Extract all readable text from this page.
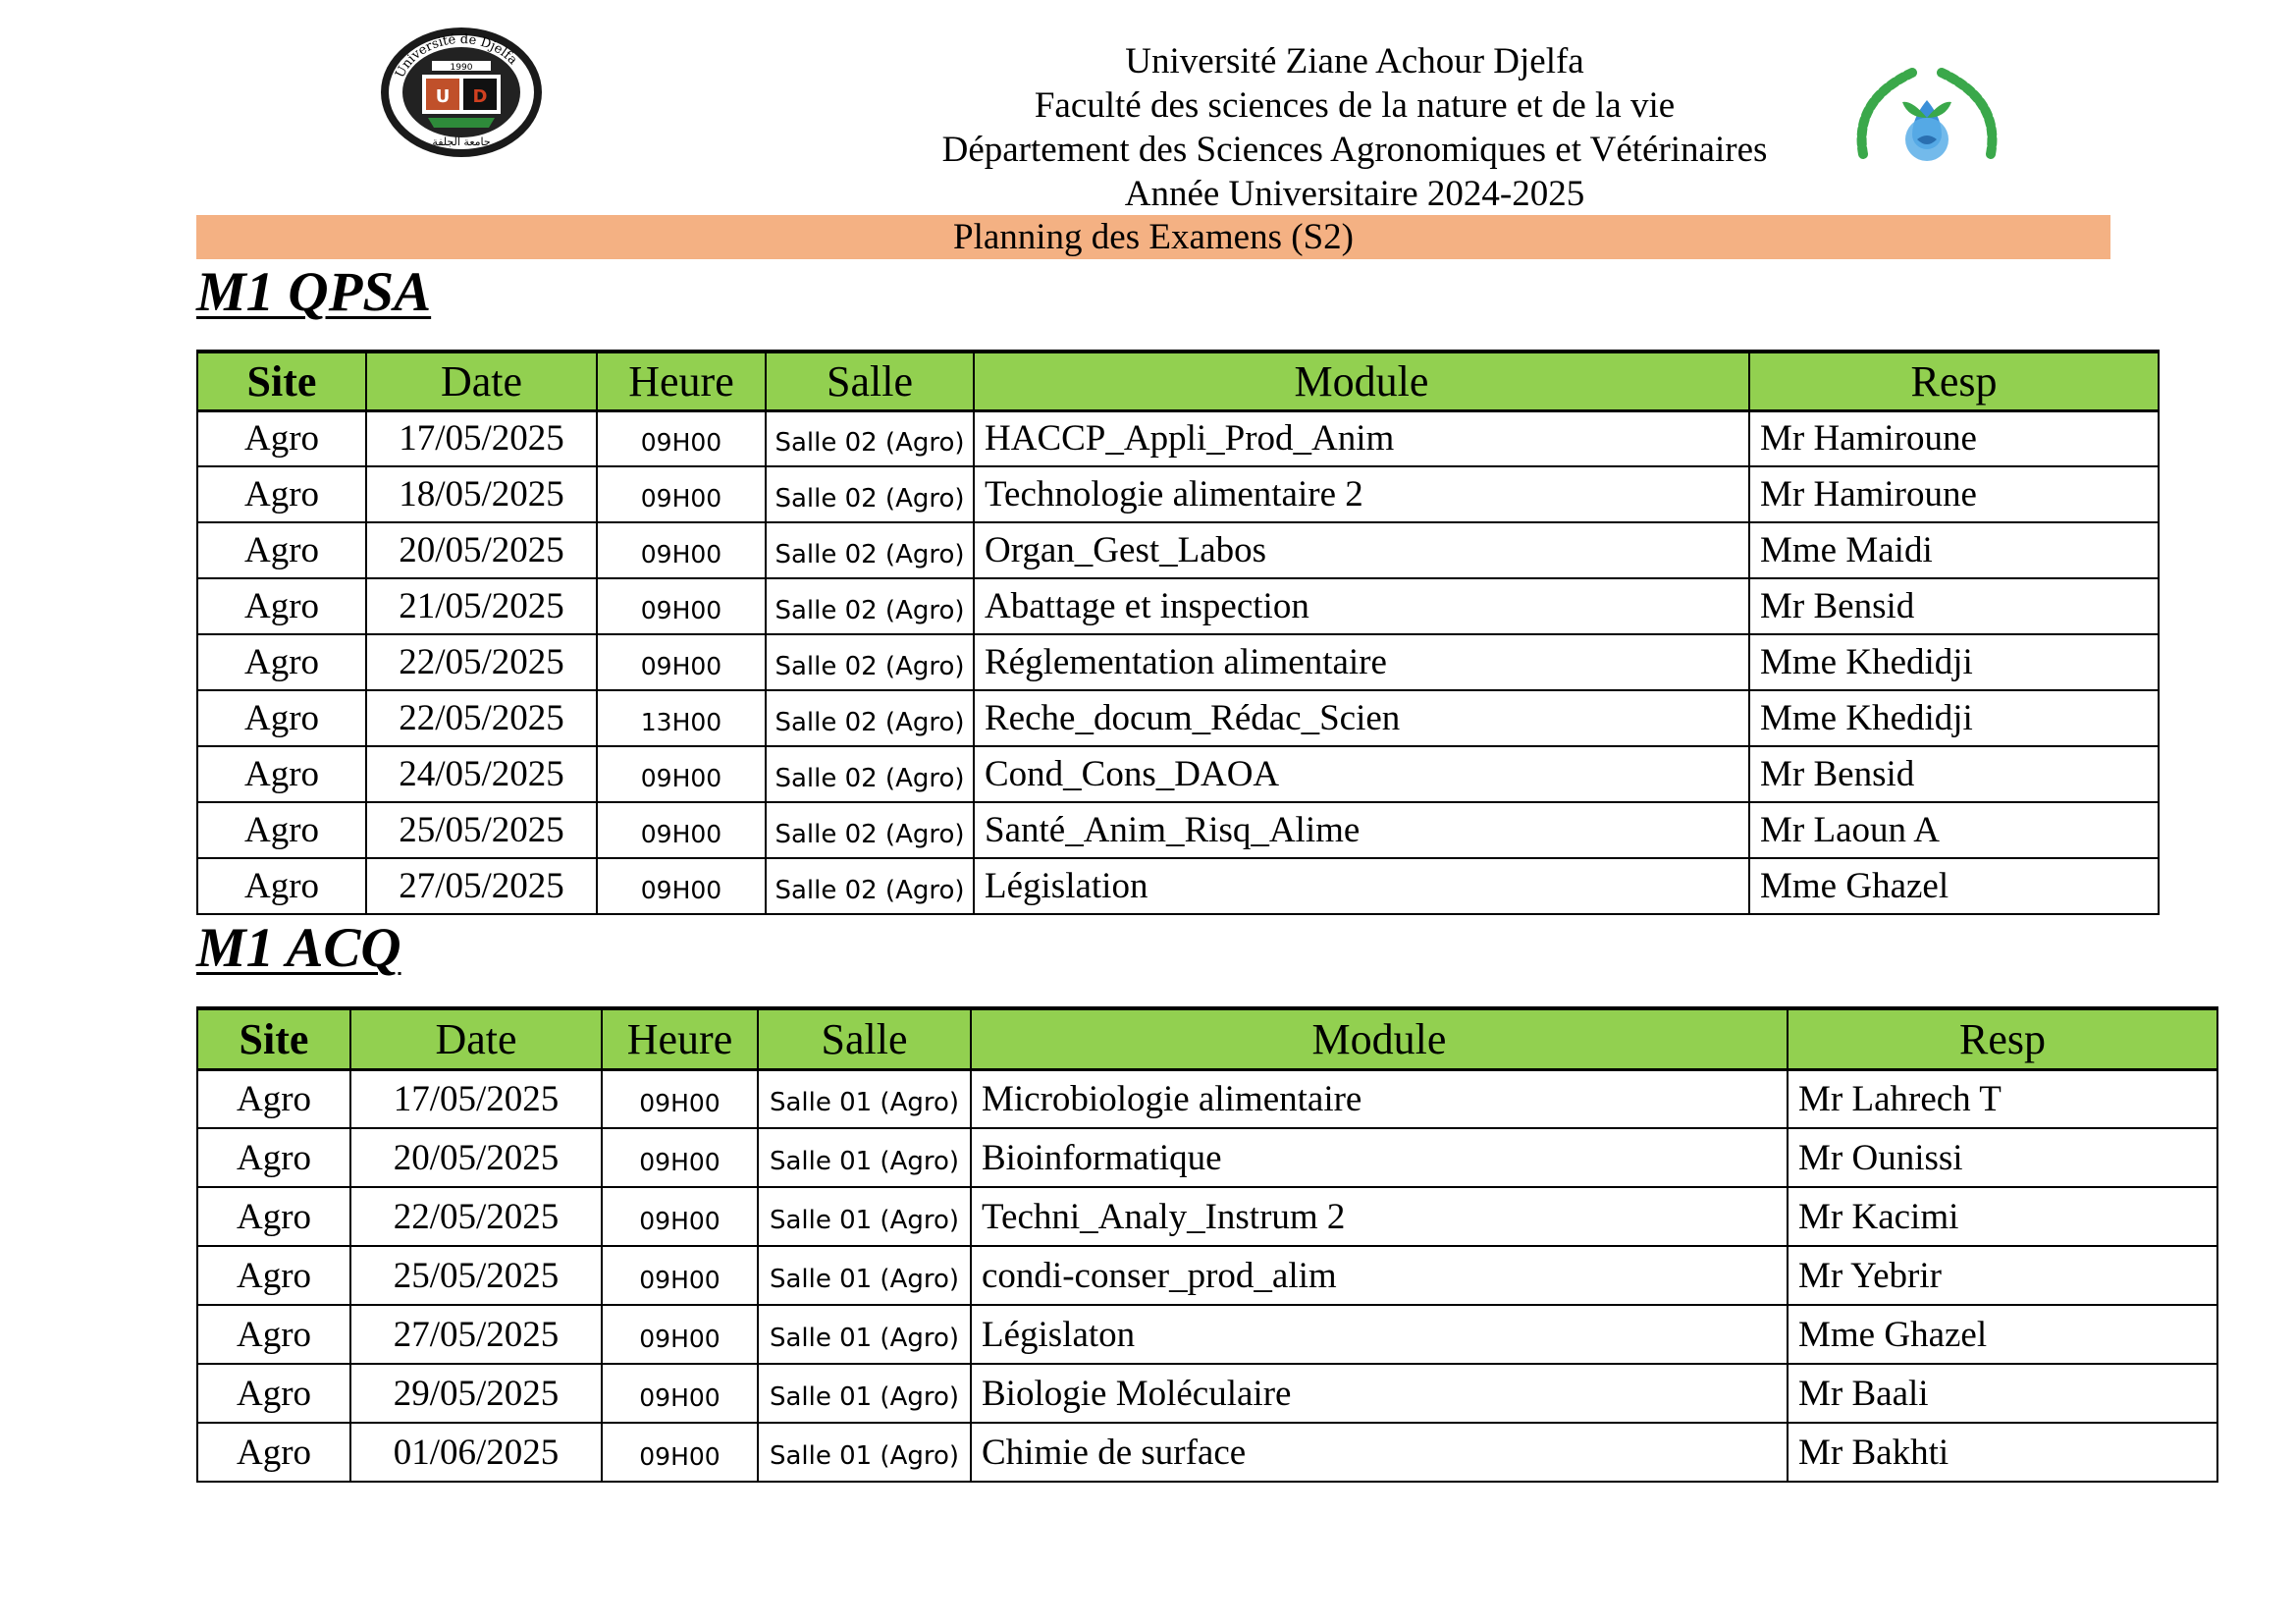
Université de Djelfa
1990
U D
جامعة الجلفة
Université Ziane Achour Djelfa
Faculté des sciences de la nature et de la vie
Département des Sciences Agronomiques et Vétérinaires
Année Universitaire 2024-2025
Planning des Examens (S2)
M1 QPSA
Site	Date	Heure	Salle	Module	Resp
Agro	17/05/2025	09H00	Salle 02 (Agro)	HACCP_Appli_Prod_Anim	Mr Hamiroune
Agro	18/05/2025	09H00	Salle 02 (Agro)	Technologie alimentaire 2	Mr Hamiroune
Agro	20/05/2025	09H00	Salle 02 (Agro)	Organ_Gest_Labos	Mme Maidi
Agro	21/05/2025	09H00	Salle 02 (Agro)	Abattage et inspection	Mr Bensid
Agro	22/05/2025	09H00	Salle 02 (Agro)	Réglementation alimentaire	Mme Khedidji
Agro	22/05/2025	13H00	Salle 02 (Agro)	Reche_docum_Rédac_Scien	Mme Khedidji
Agro	24/05/2025	09H00	Salle 02 (Agro)	Cond_Cons_DAOA	Mr Bensid
Agro	25/05/2025	09H00	Salle 02 (Agro)	Santé_Anim_Risq_Alime	Mr Laoun A
Agro	27/05/2025	09H00	Salle 02 (Agro)	Législation	Mme Ghazel
M1 ACQ
Site	Date	Heure	Salle	Module	Resp
Agro	17/05/2025	09H00	Salle 01 (Agro)	Microbiologie alimentaire	Mr Lahrech T
Agro	20/05/2025	09H00	Salle 01 (Agro)	Bioinformatique	Mr Ounissi
Agro	22/05/2025	09H00	Salle 01 (Agro)	Techni_Analy_Instrum 2	Mr Kacimi
Agro	25/05/2025	09H00	Salle 01 (Agro)	condi-conser_prod_alim	Mr Yebrir
Agro	27/05/2025	09H00	Salle 01 (Agro)	Législaton	Mme Ghazel
Agro	29/05/2025	09H00	Salle 01 (Agro)	Biologie Moléculaire	Mr Baali
Agro	01/06/2025	09H00	Salle 01 (Agro)	Chimie de surface	Mr Bakhti
